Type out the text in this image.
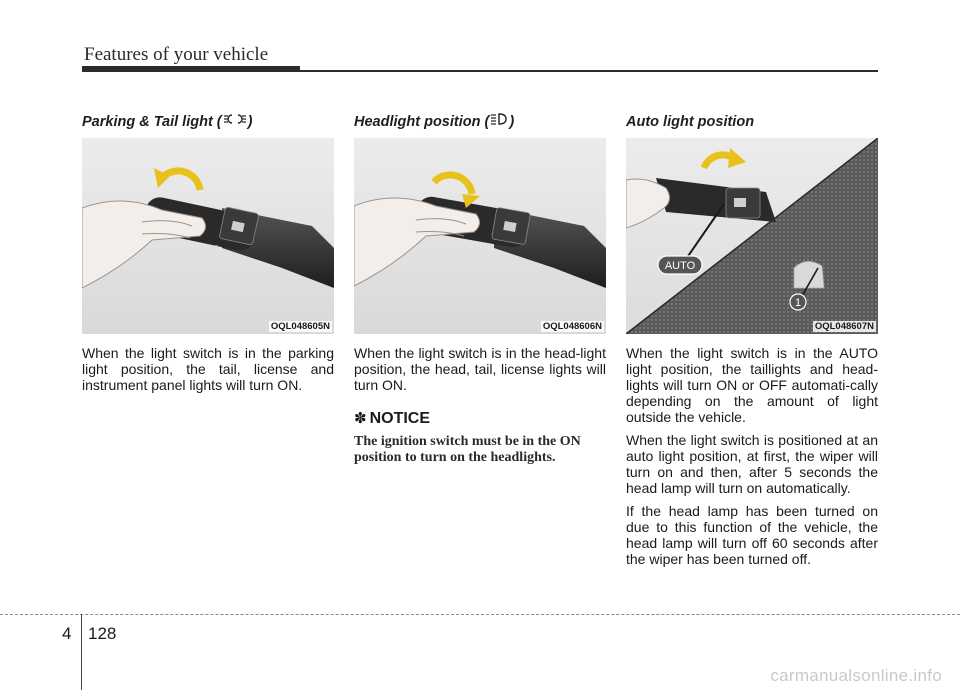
Features of your vehicle
Parking & Tail light ( )
OFF
OQL048605N
When the light switch is in the parking light position, the tail, license and instrument panel lights will turn ON.
Headlight position ( )
OFF
OQL048606N
When the light switch is in the head-light position, the head, tail, license lights will turn ON.
✽ NOTICE
The ignition switch must be in the ON position to turn on the headlights.
Auto light position
AUTO
1
OQL048607N
When the light switch is in the AUTO light position, the taillights and head-lights will turn ON or OFF automati-cally depending on the amount of light outside the vehicle.
When the light switch is positioned at an auto light position, at first, the wiper will turn on and then, after 5 seconds the head lamp will turn on automatically.
If the head lamp has been turned on due to this function of the vehicle, the head lamp will turn off 60 seconds after the wiper has been turned off.
4 128
carmanualsonline.info
